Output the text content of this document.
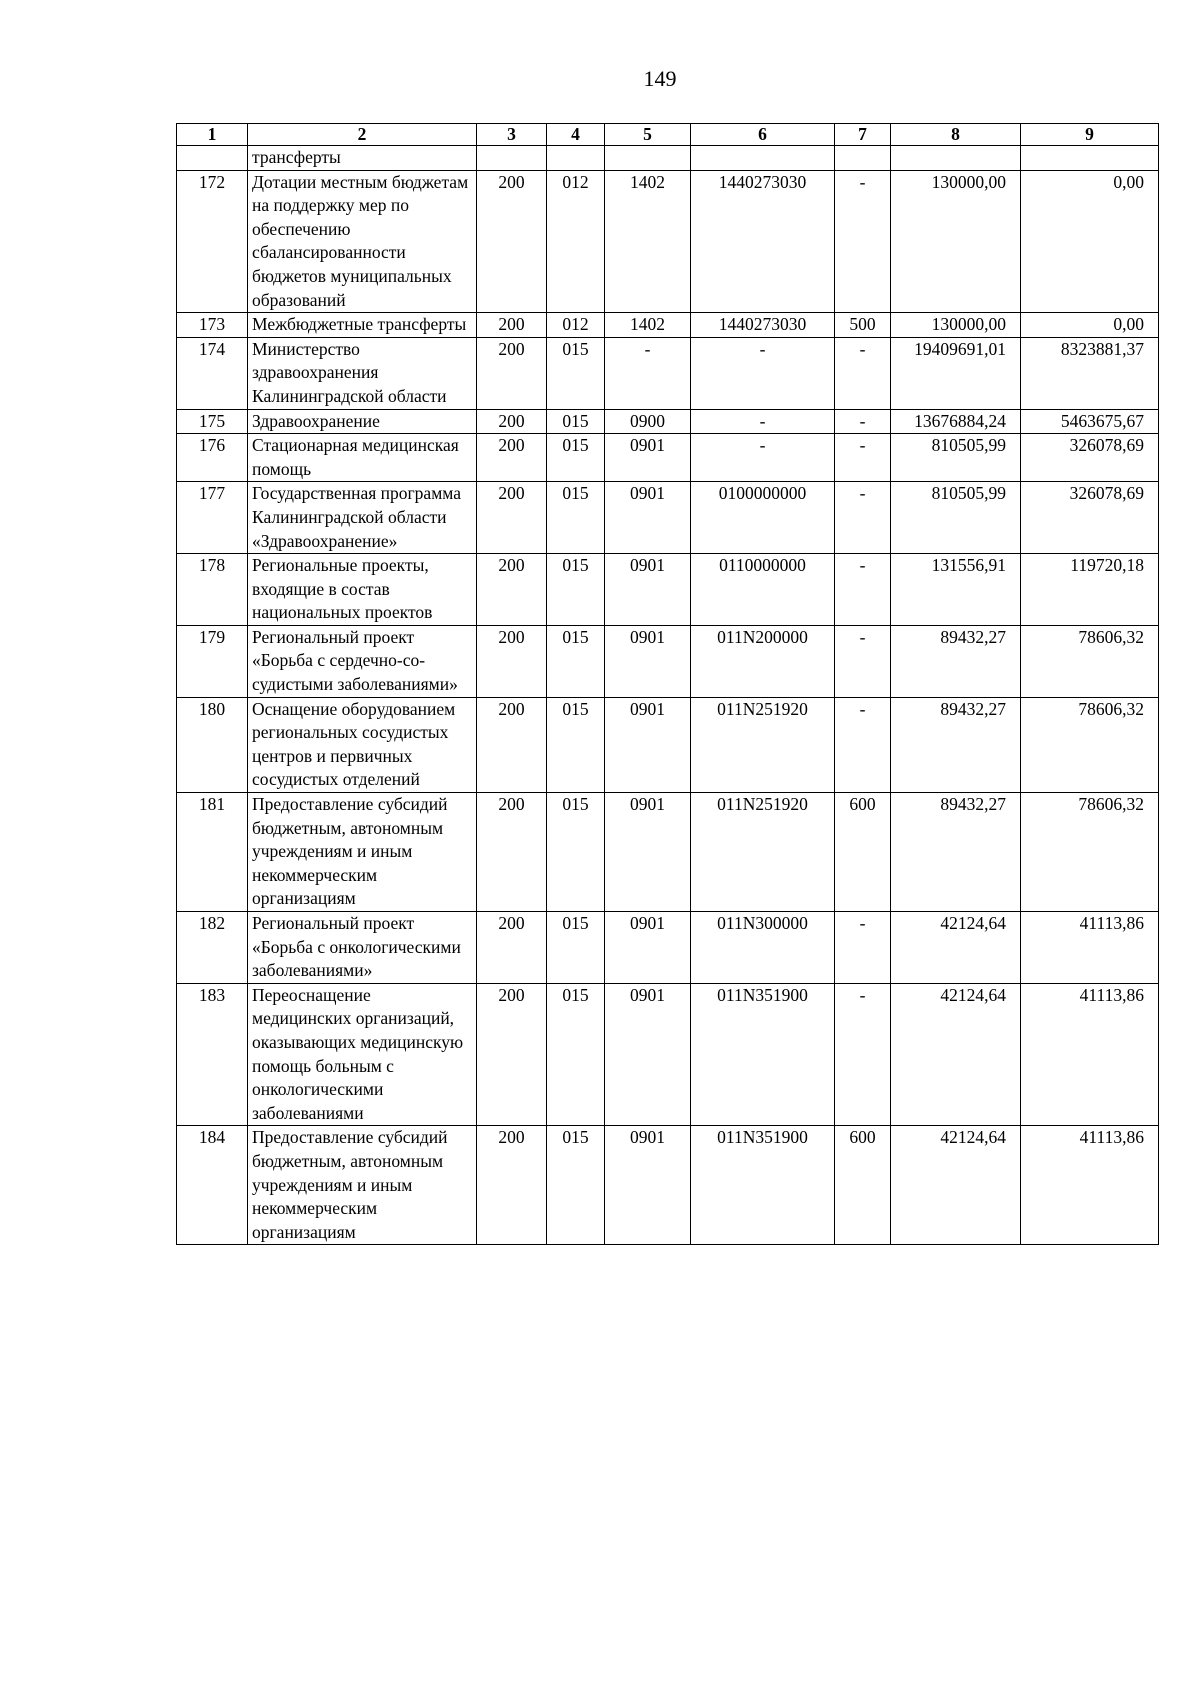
149
1	2	3	4	5	6	7	8	9
	трансферты							
172	Дотации местным бюджетам на поддержку мер по обеспечению сбалансированности бюджетов муниципальных образований	200	012	1402	1440273030	-	130000,00	0,00
173	Межбюджетные трансферты	200	012	1402	1440273030	500	130000,00	0,00
174	Министерство здравоохранения Калининградской области	200	015	-	-	-	19409691,01	8323881,37
175	Здравоохранение	200	015	0900	-	-	13676884,24	5463675,67
176	Стационарная медицинская помощь	200	015	0901	-	-	810505,99	326078,69
177	Государственная программа Калининградской области «Здравоохранение»	200	015	0901	0100000000	-	810505,99	326078,69
178	Региональные проекты, входящие в состав национальных проектов	200	015	0901	0110000000	-	131556,91	119720,18
179	Региональный проект «Борьба с сердечно-со-судистыми заболеваниями»	200	015	0901	011N200000	-	89432,27	78606,32
180	Оснащение оборудованием региональных сосудистых центров и первичных сосудистых отделений	200	015	0901	011N251920	-	89432,27	78606,32
181	Предоставление субсидий бюджетным, автономным учреждениям и иным некоммерческим организациям	200	015	0901	011N251920	600	89432,27	78606,32
182	Региональный проект «Борьба с онкологическими заболеваниями»	200	015	0901	011N300000	-	42124,64	41113,86
183	Переоснащение медицинских организаций, оказывающих медицинскую помощь больным с онкологическими заболеваниями	200	015	0901	011N351900	-	42124,64	41113,86
184	Предоставление субсидий бюджетным, автономным учреждениям и иным некоммерческим организациям	200	015	0901	011N351900	600	42124,64	41113,86
